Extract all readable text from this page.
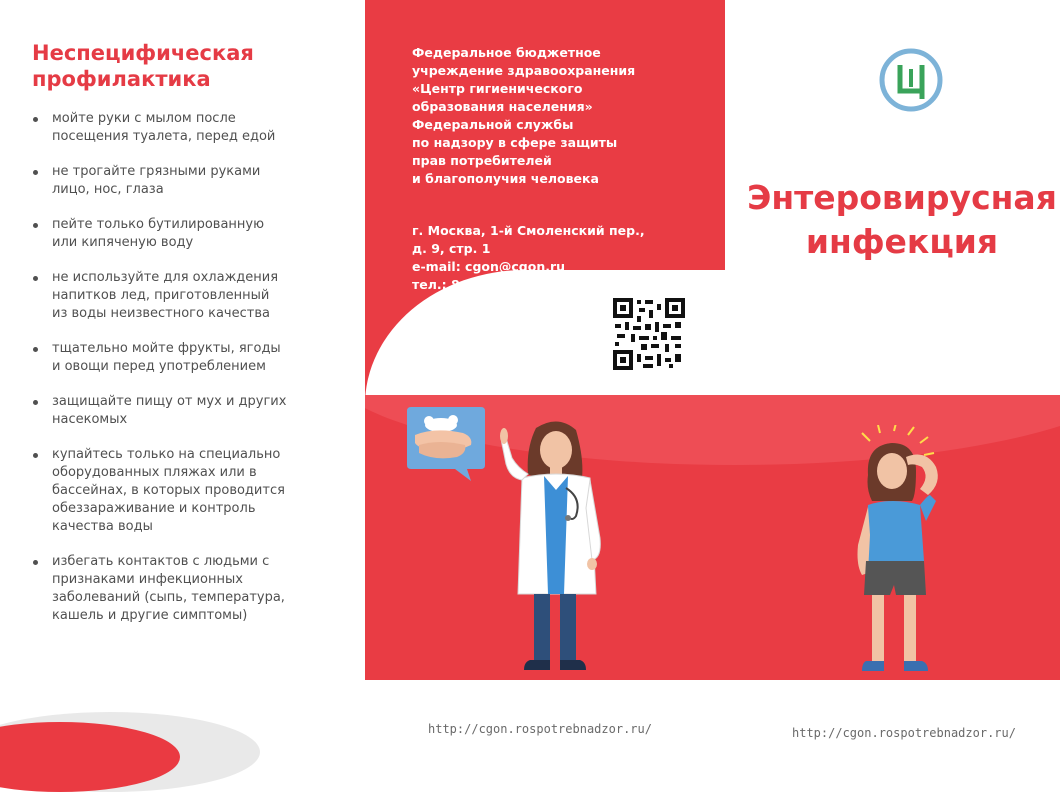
Неспецифическая
профилактика
мойте руки с мылом после
посещения туалета, перед едой
не трогайте грязными руками
лицо, нос, глаза
пейте только бутилированную
или кипяченую воду
не используйте для охлаждения
напитков лед, приготовленный
из воды неизвестного качества
тщательно мойте фрукты, ягоды
и овощи перед употреблением
защищайте пищу от мух и других
насекомых
купайтесь только на специально
оборудованных пляжах или в
бассейнах, в которых проводится
обеззараживание и контроль
качества воды
избегать контактов с людьми с
признаками инфекционных
заболеваний (сыпь, температура,
кашель и другие симптомы)
Федеральное бюджетное
учреждение здравоохранения
«Центр гигиенического
образования населения»
Федеральной службы
по надзору в сфере защиты
прав потребителей
и благополучия человека
г. Москва, 1-й Смоленский пер.,
д. 9, стр. 1
e-mail: cgon@cgon.ru
тел.: 8 (499) 241 86 28
Энтеровирусная
инфекция
http://cgon.rospotrebnadzor.ru/	http://cgon.rospotrebnadzor.ru/
